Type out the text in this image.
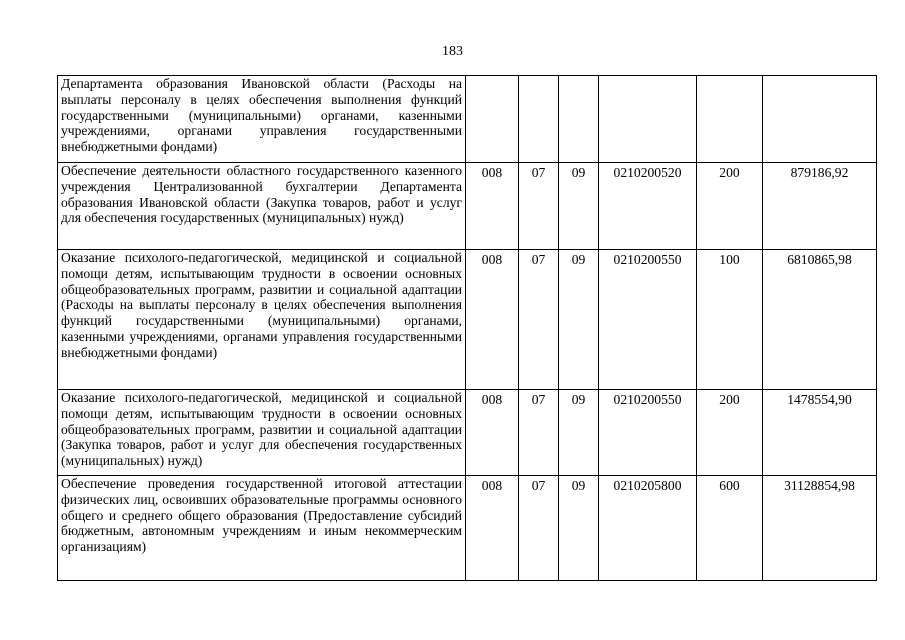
183
Департамента образования Ивановской области (Расходы на выплаты персоналу в целях обеспечения выполнения функций государственными (муниципальными) органами, казенными учреждениями, органами управления государственными внебюджетными фондами)						
Обеспечение деятельности областного государственного казенного учреждения Централизованной бухгалтерии Департамента образования Ивановской области (Закупка товаров, работ и услуг для обеспечения государственных (муниципальных) нужд)	008	07	09	0210200520	200	879186,92
Оказание психолого-педагогической, медицинской и социальной помощи детям, испытывающим трудности в освоении основных общеобразовательных программ, развитии и социальной адаптации (Расходы на выплаты персоналу в целях обеспечения выполнения функций государственными (муниципальными) органами, казенными учреждениями, органами управления государственными внебюджетными фондами)	008	07	09	0210200550	100	6810865,98
Оказание психолого-педагогической, медицинской и социальной помощи детям, испытывающим трудности в освоении основных общеобразовательных программ, развитии и социальной адаптации (Закупка товаров, работ и услуг для обеспечения государственных (муниципальных) нужд)	008	07	09	0210200550	200	1478554,90
Обеспечение проведения государственной итоговой аттестации физических лиц, освоивших образовательные программы основного общего и среднего общего образования (Предоставление субсидий бюджетным, автономным учреждениям и иным некоммерческим организациям)	008	07	09	0210205800	600	31128854,98
